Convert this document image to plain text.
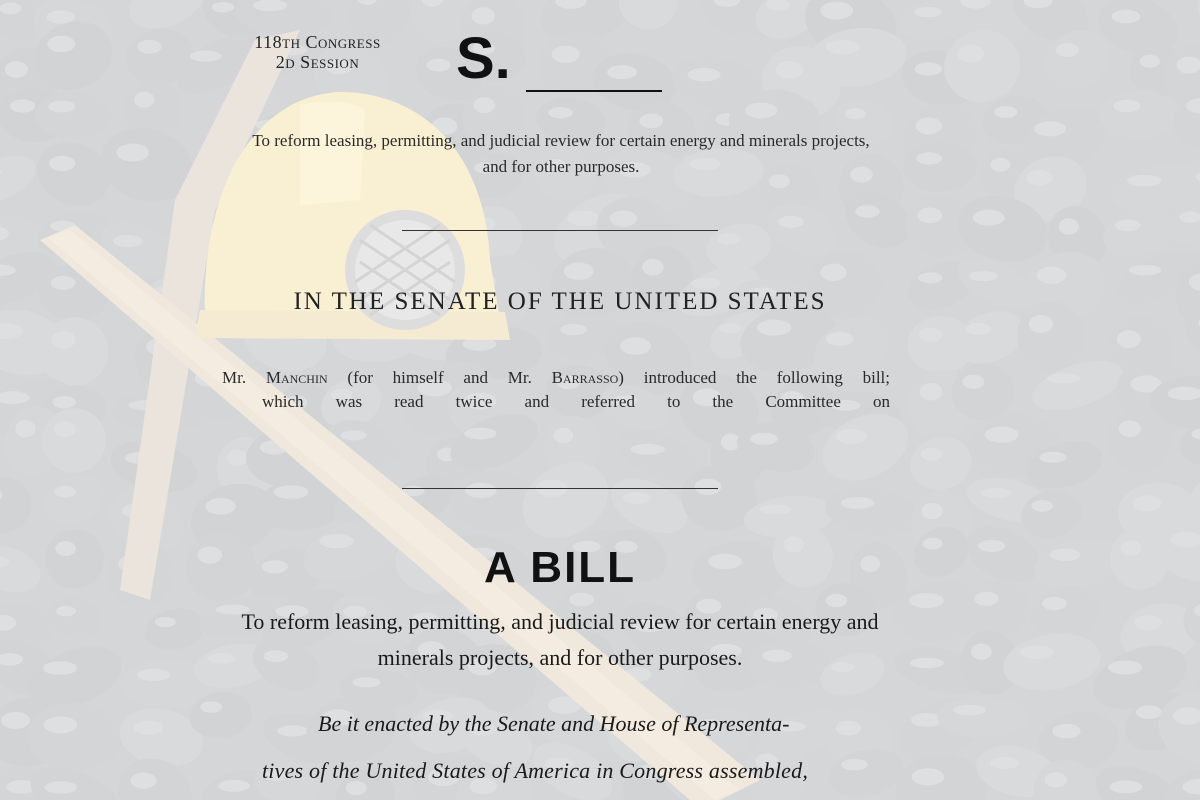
118th Congress
2d Session	S.
To reform leasing, permitting, and judicial review for certain energy and minerals projects, and for other purposes.
IN THE SENATE OF THE UNITED STATES
Mr. Manchin (for himself and Mr. Barrasso) introduced the following bill;
which was read twice and referred to the Committee on
A BILL
To reform leasing, permitting, and judicial review for certain energy and minerals projects, and for other purposes.
Be it enacted by the Senate and House of Representa-
tives of the United States of America in Congress assembled,
